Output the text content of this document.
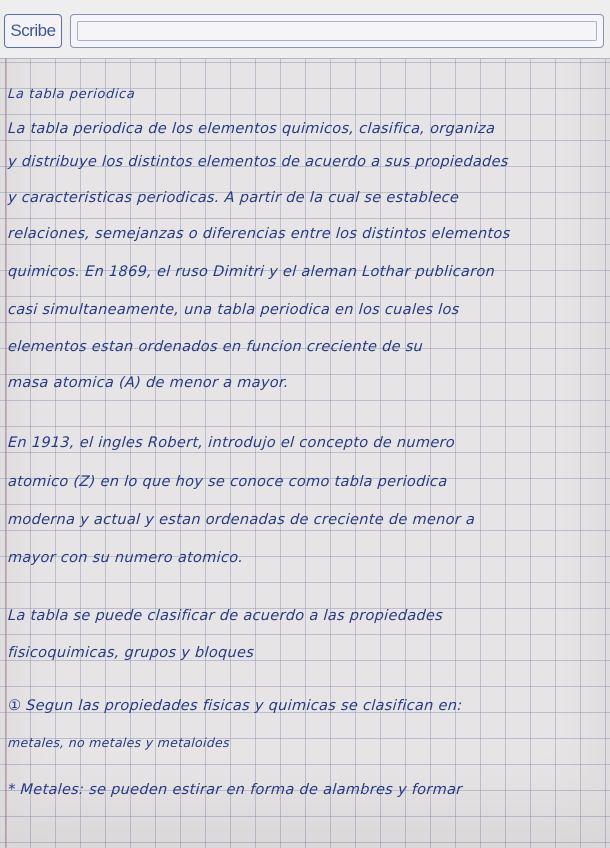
Scribe
La tabla periodica
La tabla periodica de los elementos quimicos, clasifica, organiza
y distribuye los distintos elementos de acuerdo a sus propiedades
y caracteristicas periodicas. A partir de la cual se establece
relaciones, semejanzas o diferencias entre los distintos elementos
quimicos. En 1869, el ruso Dimitri y el aleman Lothar publicaron
casi simultaneamente, una tabla periodica en los cuales los
elementos estan ordenados en funcion creciente de su
masa atomica (A) de menor a mayor.
En 1913, el ingles Robert, introdujo el concepto de numero
atomico (Z) en lo que hoy se conoce como tabla periodica
moderna y actual y estan ordenadas de creciente de menor a
mayor con su numero atomico.
La tabla se puede clasificar de acuerdo a las propiedades
fisicoquimicas, grupos y bloques
① Segun las propiedades fisicas y quimicas se clasifican en:
metales, no metales y metaloides
* Metales: se pueden estirar en forma de alambres y formar
